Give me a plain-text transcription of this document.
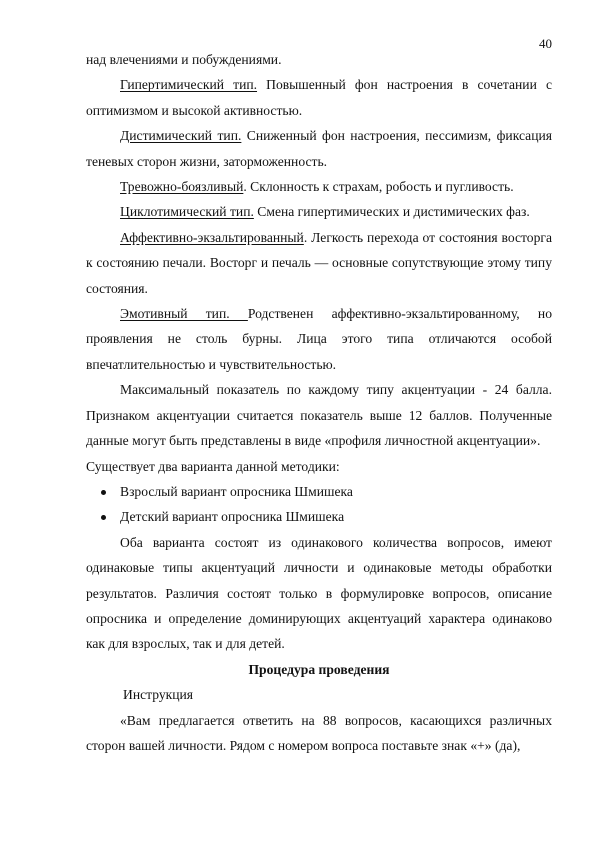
40

над влечениями и побуждениями.

Гипертимический тип. Повышенный фон настроения в сочетании с оптимизмом и высокой активностью.

Дистимический тип. Сниженный фон настроения, пессимизм, фиксация теневых сторон жизни, заторможенность.

Тревожно-боязливый. Склонность к страхам, робость и пугливость.

Циклотимический тип. Смена гипертимических и дистимических фаз.

Аффективно-экзальтированный. Легкость перехода от состояния восторга к состоянию печали. Восторг и печаль — основные сопутствующие этому типу состояния.

Эмотивный тип. Родственен аффективно-экзальтированному, но проявления не столь бурны. Лица этого типа отличаются особой впечатлительностью и чувствительностью.

Максимальный показатель по каждому типу акцентуации - 24 балла. Признаком акцентуации считается показатель выше 12 баллов. Полученные данные могут быть представлены в виде «профиля личностной акцентуации».

Существует два варианта данной методики:

Взрослый вариант опросника Шмишека
Детский вариант опросника Шмишека

Оба варианта состоят из одинакового количества вопросов, имеют одинаковые типы акцентуаций личности и одинаковые методы обработки результатов. Различия состоят только в формулировке вопросов, описание опросника и определение доминирующих акцентуаций характера одинаково как для взрослых, так и для детей.

Процедура проведения

Инструкция

«Вам предлагается ответить на 88 вопросов, касающихся различных сторон вашей личности. Рядом с номером вопроса поставьте знак «+» (да),
